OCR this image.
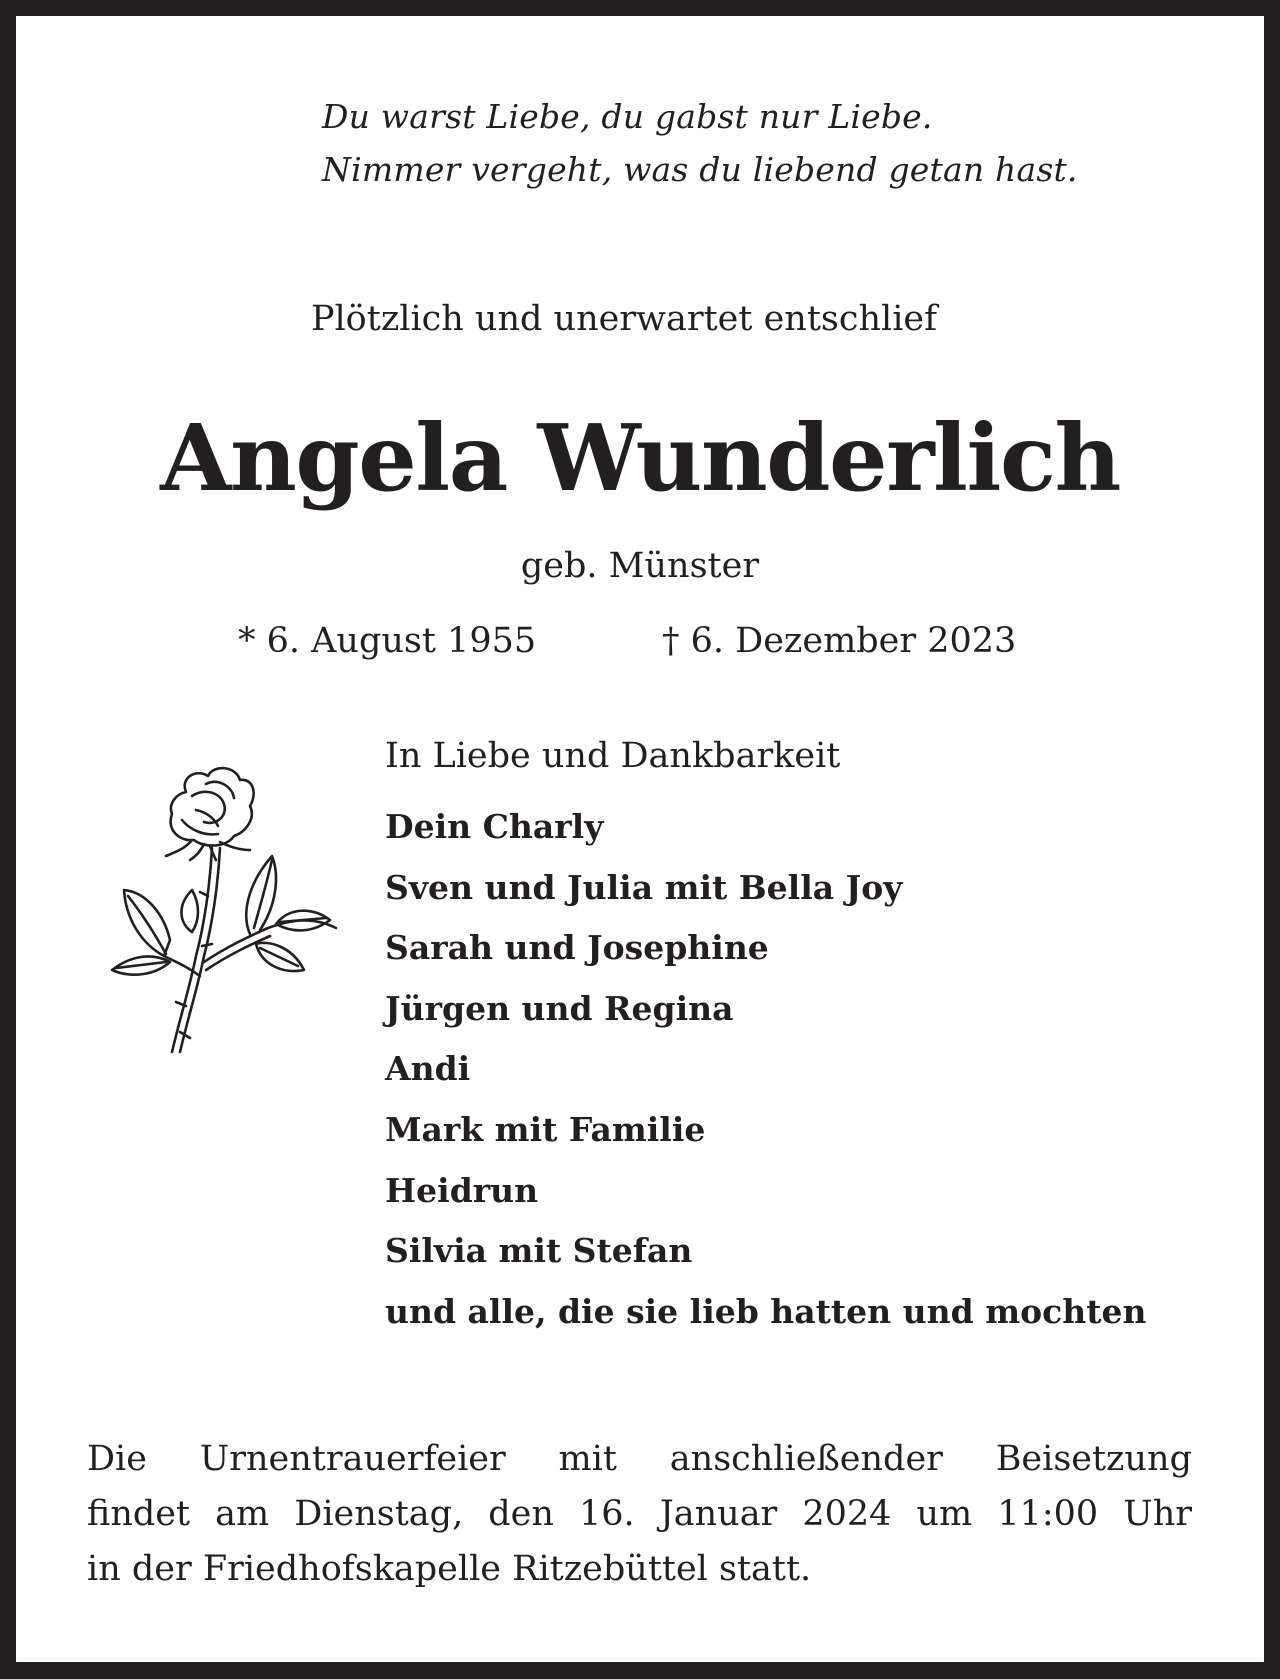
Du warst Liebe, du gabst nur Liebe.
Nimmer vergeht, was du liebend getan hast.
Plötzlich und unerwartet entschlief
Angela Wunderlich
geb. Münster
* 6. August 1955	† 6. Dezember 2023
In Liebe und Dankbarkeit
Dein Charly
Sven und Julia mit Bella Joy
Sarah und Josephine
Jürgen und Regina
Andi
Mark mit Familie
Heidrun
Silvia mit Stefan
und alle, die sie lieb hatten und mochten
Die Urnentrauerfeier mit anschließender Beisetzung
findet am Dienstag, den 16. Januar 2024 um 11:00 Uhr
in der Friedhofskapelle Ritzebüttel statt.
